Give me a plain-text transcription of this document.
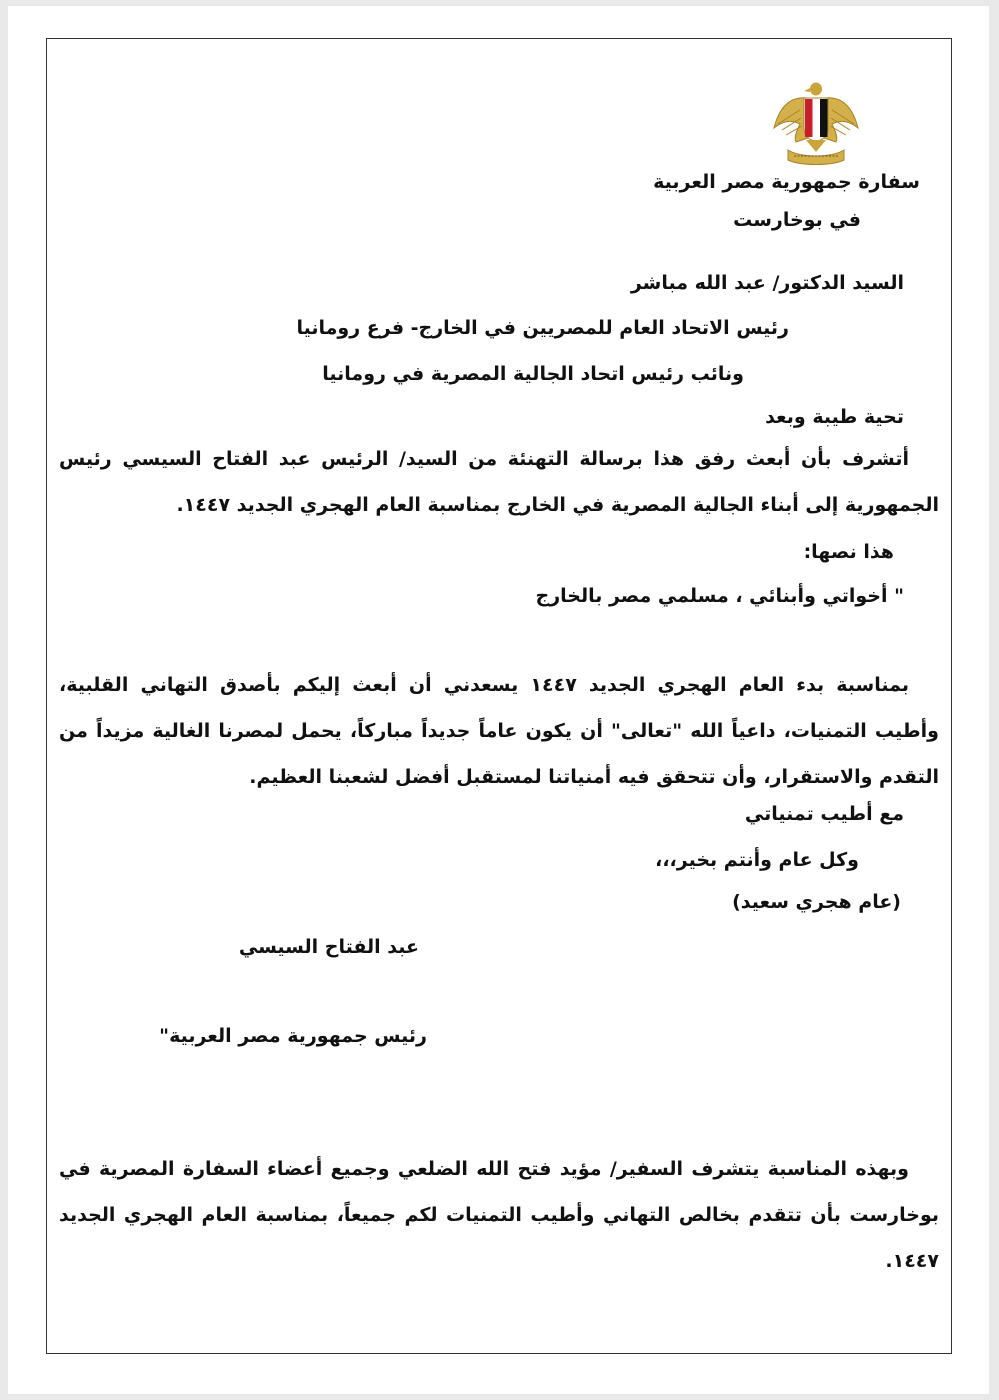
سفارة جمهورية مصر العربية
في بوخارست
السيد الدكتور/ عبد الله مباشر
رئيس الاتحاد العام للمصريين في الخارج- فرع رومانيا
ونائب رئيس اتحاد الجالية المصرية في رومانيا
تحية طيبة وبعد
أتشرف بأن أبعث رفق هذا برسالة التهنئة من السيد/ الرئيس عبد الفتاح السيسي رئيس الجمهورية إلى أبناء الجالية المصرية في الخارج بمناسبة العام الهجري الجديد ١٤٤٧.
هذا نصها:
" أخواتي وأبنائي ، مسلمي مصر بالخارج
بمناسبة بدء العام الهجري الجديد ١٤٤٧ يسعدني أن أبعث إليكم بأصدق التهاني القلبية، وأطيب التمنيات، داعياً الله "تعالى" أن يكون عاماً جديداً مباركاً، يحمل لمصرنا الغالية مزيداً من التقدم والاستقرار، وأن تتحقق فيه أمنياتنا لمستقبل أفضل لشعبنا العظيم.
مع أطيب تمنياتي
وكل عام وأنتم بخير،،،
(عام هجري سعيد)
عبد الفتاح السيسي
رئيس جمهورية مصر العربية"
وبهذه المناسبة يتشرف السفير/ مؤيد فتح الله الضلعي وجميع أعضاء السفارة المصرية في بوخارست بأن تتقدم بخالص التهاني وأطيب التمنيات لكم جميعاً، بمناسبة العام الهجري الجديد ١٤٤٧.
